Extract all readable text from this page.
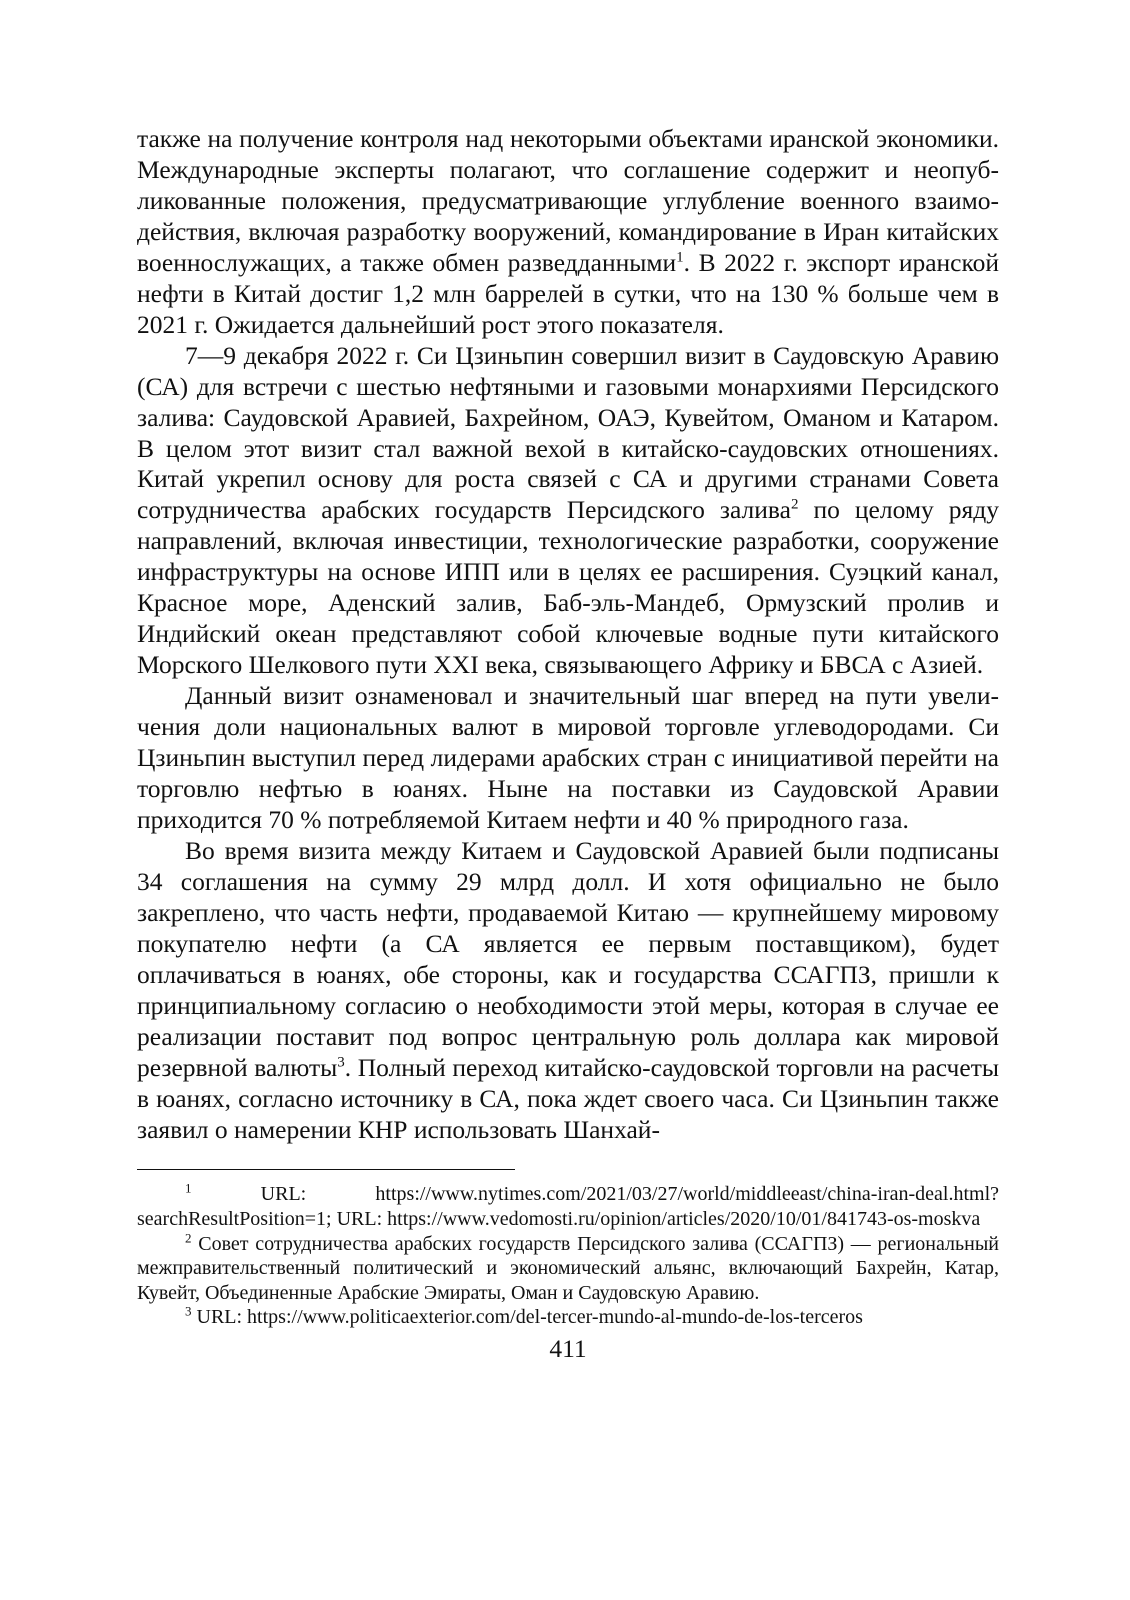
также на получение контроля над некоторыми объектами иранской экономики. Международные эксперты полагают, что соглашение содержит и неопубликованные положения, предусматривающие углубление военного взаимодействия, включая разработку вооружений, командирование в Иран китайских военнослужащих, а также обмен разведданными$^1$. В 2022 г. экспорт иранской нефти в Китай достиг 1,2 млн баррелей в сутки, что на 130 % больше чем в 2021 г. Ожидается дальнейший рост этого показателя.

7—9 декабря 2022 г. Си Цзиньпин совершил визит в Саудовскую Аравию (СА) для встречи с шестью нефтяными и газовыми монархиями Персидского залива: Саудовской Аравией, Бахрейном, ОАЭ, Кувейтом, Оманом и Катаром. В целом этот визит стал важной вехой в китайско-саудовских отношениях. Китай укрепил основу для роста связей с СА и другими странами Совета сотрудничества арабских государств Персидского залива$^2$ по целому ряду направлений, включая инвестиции, технологические разработки, сооружение инфраструктуры на основе ИПП или в целях ее расширения. Суэцкий канал, Красное море, Аденский залив, Баб-эль-Мандеб, Ормузский пролив и Индийский океан представляют собой ключевые водные пути китайского Морского Шелкового пути XXI века, связывающего Африку и БВСА с Азией.

Данный визит ознаменовал и значительный шаг вперед на пути увеличения доли национальных валют в мировой торговле углеводородами. Си Цзиньпин выступил перед лидерами арабских стран с инициативой перейти на торговлю нефтью в юанях. Ныне на поставки из Саудовской Аравии приходится 70 % потребляемой Китаем нефти и 40 % природного газа.

Во время визита между Китаем и Саудовской Аравией были подписаны 34 соглашения на сумму 29 млрд долл. И хотя официально не было закреплено, что часть нефти, продаваемой Китаю — крупнейшему мировому покупателю нефти (а СА является ее первым поставщиком), будет оплачиваться в юанях, обе стороны, как и государства ССАГПЗ, пришли к принципиальному согласию о необходимости этой меры, которая в случае ее реализации поставит под вопрос центральную роль доллара как мировой резервной валюты$^3$. Полный переход китайско-саудовской торговли на расчеты в юанях, согласно источнику в СА, пока ждет своего часа. Си Цзиньпин также заявил о намерении КНР использовать Шанхай-

$^1$ URL: https://www.nytimes.com/2021/03/27/world/middleeast/china-iran-deal.html?searchResultPosition=1; URL: https://www.vedomosti.ru/opinion/articles/2020/10/01/841743-os-moskva

$^2$ Совет сотрудничества арабских государств Персидского залива (ССАГПЗ) — региональный межправительственный политический и экономический альянс, включающий Бахрейн, Катар, Кувейт, Объединенные Арабские Эмираты, Оман и Саудовскую Аравию.

$^3$ URL: https://www.politicaexterior.com/del-tercer-mundo-al-mundo-de-los-terceros

411
